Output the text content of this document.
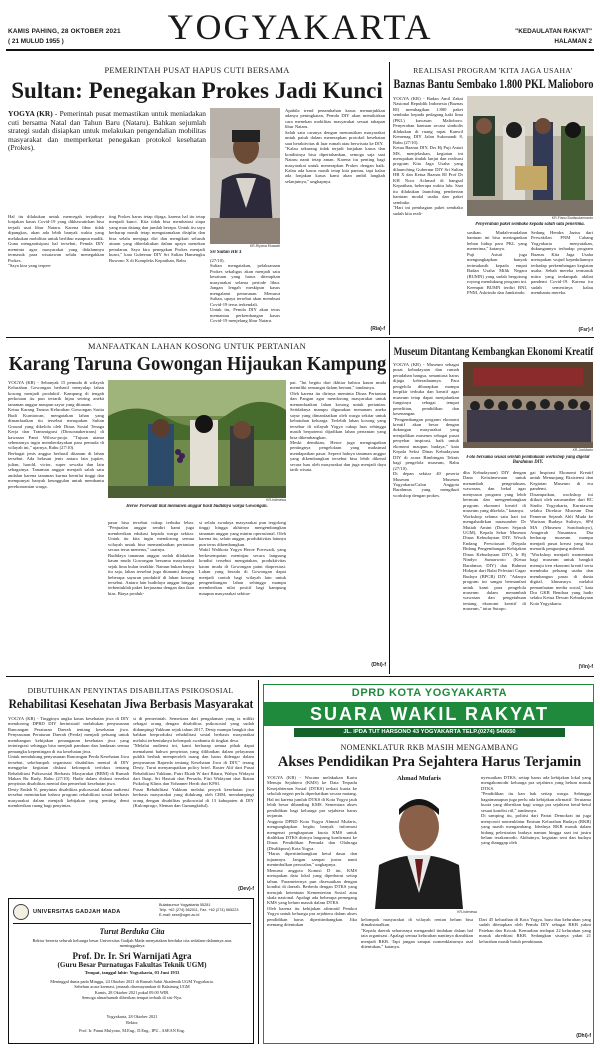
KAMIS PAHING, 28 OKTOBER 2021
( 21 MULUD 1955 )	YOGYAKARTA	"KEDAULATAN RAKYAT"
HALAMAN 2
PEMERINTAH PUSAT HAPUS CUTI BERSAMA
Sultan: Penegakan Prokes Jadi Kunci
YOGYA (KR) - Pemerintah pusat memastikan untuk meniadakan cuti bersama Natal dan Tahun Baru (Nataru). Bahkan sejumlah strategi sudah disiapkan untuk melakukan pengendalian mobilitas masyarakat dan memperketat penegakan protokol kesehatan (Prokes).
Hal itu dilakukan untuk mencegah terjadinya lonjakan kasus Covid-19 yang dikhawatirkan bisa terjadi usai libur Nataru. Karena libur tidak dipangkas, akan ada lebih banyak waktu yang melakukan mobilitas untuk berlibur maupun mudik. Guna mengantisipasi hal tersebut, Pemda DIY meminta agar masyarakat yang didalamnya termasuk para wisatawan selalu menegakkan Prokes.
"Saya kira yang terpen-
ting Prokes harus tetap dijaga, karena hal itu tetap menjadi kunci. Kita tidak bisa membatasi siapa yang mau datang dan jumlah berapa. Untuk itu saya berharap masih tetap mengutamakan disiplin dan bisa selalu menjaga diri dan mengikuti seluruh aturan yang diberlakukan dalam upaya menekan penularan. Saya kira penegakan Prokes menjadi kunci," kata Gubernur DIY Sri Sultan Hamengku Buwono X di Kompleks Kepatihan, Rabu
KR-Riyana Ekawati
Sri Sultan HB X
(27/10).
Sultan mengatakan, pelaksanaan Prokes sekaligus akan menjadi satu kesatuan yang harus diterapkan masyarakat selama periode libur. Jangan lengah meskipun kasus mengalami penurunan. Menurut Sultan, upaya tersebut akan membuat Covid-19 terus terkendali.
Untuk itu, Pemda DIY akan terus memantau perkembangan kasus Covid-19 menjelang libur Nataru.
Apabila trend penambahan kasus menunjukkan adanya peningkatan, Pemda DIY akan memikirkan cara menekan mobilitas masyarakat sesuai tahapan libur Nataru.
Salah satu caranya dengan memastikan masyarakat untuk patuh dalam menerapkan protokol kesehatan saat beraktivitas di luar rumah atau berwisata ke DIY.
"Kalau sekarang tidak terjadi lonjakan kasus dan kondisinya bisa dipertahankan, semoga saja saat Nataru nanti tetap aman. Karena itu penting bagi masyarakat untuk menerapkan Prokes dengan baik. Kalau ada kasus masih tetap kita pantau, tapi kalau ada lonjakan kasus kami akan ambil langkah selanjutnya," ungkapnya.
(Ria)-f
REALISASI PROGRAM 'KITA JAGA USAHA'
Baznas Bantu Sembako 1.800 PKL Malioboro
YOGYA (KR) - Badan Amil Zakat Nasional Republik Indonesia (Baznas RI) membagikan 1.800 paket sembako kepada pedagang kaki lima (PKL) kawasan Malioboro. Penyerahan bantuan secara simbolis dilakukan di ruang rapat Kanwil Kemenag DIY Jalan Sukonandi 8, Rabu (27/10).
Ketua Baznas DIY, Drs Hj Puji Astuti MS, menjelaskan, kegiatan ini merupakan tindak lanjut dan realisasi program Kita Jaga Usaha yang dilaunching Gubernur DIY Sri Sultan HB X dan Ketua Baznas RI Prof Dr KH Noor Achmad di bangsal Kepatihan, beberapa waktu lalu. Saat itu dilakukan launching pemberian bantuan modal usaha dan paket sembako.
"Hari ini pembagian paket sembako sudah kita reali-
KR-Fiano Budisudarmanto
Penyerahan paket sembako kepada salah satu penerima.
sasikan. Mudah-mudahan bantuan ini bisa meringankan beban hidup para PKL yang menerima," katanya.
Puji Astuti juga mengungkapkan banyak terimakasih kepada empat Badan Usaha Milik Negara (BUMN) yang sudah bergotong royong mendukung program ini. Keempat BUMN terdiri BNI, PNM, Askrindo dan Jamkrindo.
Sedang Hendra Jazius dari Perwakilan PNM Cabang Yogyakarta menyatakan, dukungannya terhadap program Baznas Kita Jaga Usaha merupakan wujud kepeduliannya terhadap perkembangan kegiatan usaha. Sebab mereka termasuk mitra yang terdampak akibat pandemi Covid-19. Karena itu sudah semestinya kalau membantu mereka.
(Fsr)-f
MANFAATKAN LAHAN KOSONG UNTUK PERTANIAN
Karang Taruna Gowongan Hijaukan Kampung
YOGYA (KR) - Sebanyak 15 pemuda di wilayah Kelurahan Gowongan berhasil menyulap lahan kosong menjadi produktif. Kampung di tengah perkotaan itu pun tertarik hijau seiring anekä tanaman anggur maupun sayur yang ditanam.
Ketua Karang Taruna Kelurahan Gowongan Sarita Budi Kurniawan, mengatakan lahan yang dimanfaatkan itu tersebut merupakan Sultan Ground yang dikelola oleh Dinas Sosial Tenaga Kerja dan Transmigrasi (Dinsosnakertrans) di kawasan Panti Wiloso-projo. "Tujuan utama sebenarnya ingin memberdayakan para pemuda di wilayah ini," ujarnya, Rabu (27/10).
Berbagai jenis anggur berhasil ditanam di lahan tersebut. Ada belasan jenis antara lain jupiter, julian, harold, victor, super sewaka dan lain sebagainya. Tanaman anggur menjadi salah satu andalan karena tanaman kurma bernilai tinggi dan mempunyai banyak keunggulan untuk membantu perekonomian warga.
KR-Istimewa
Heroe Poerwadi ikut memanen anggur hasil budidaya warga Gowongan.
pasar bisa tersebut cukup terbuka lebar. "Penjualan anggur sendiri kami juga memberikan edukasi kepada warga sekitar. Untuk itu kita ingin mendorong semua wilayah untuk bisa memanfaatkan pertanian secara terus menerus," urainya.
Budidaya tanaman anggur sudah dilakukan kaum muda Gowongan bersama masyarakat sejak lima bulan terakhir. Namun bukan hanya itu saja, lahan tersebut juga ditanami dengan beberapa sayuran produktif di lahan kosong tersebut. Antara lain budidaya anggur hingga terbentuklah paket kerjasama dengan dan ikan bias. Biaya produk-
si selalu swadaya masyarakat pun tergolong tinggi hingga akhirnya mengembangkan tanaman anggur yang minim operasional. Oleh karena itu, selain anggur, produktivitas lainnya pun terus dikembangkan.
Wakil Walikota Yogya Heroe Poerwadi, yang berkesempatan meninjau secara langsung kondisi tersebut mengatakan, produktivitas kaum muda di Gowongan patut diapresiasi. Lahan yang berada di Gowongan dapat menjadi contoh bagi wilayah lain untuk pengembangan lahan sehingga mampu memberikan nilai positif bagi kampung maupun masyarakat sekitar-
pat. "Ini begitu dari ikhtiar bahwa kaum muda memiliki semangat dalam bertani," tandasnya.
Oleh karena itu dirinya meminta Dinas Pertanian dan Pangan agar mendorong masyarakat untuk memanfaatkan lahan kosong untuk pertanian. Setidaknya mampu digunakan menanam aneka sayur yang dimanfaatkan oleh warga sekitar untuk kebutuhan keluarga. Terlebih lahan kosong yang tersebar di wilayah Yogya cukup luas sehingga masih berpotensi dijadikan lahan pertanian yang bisa dikembangkan.
Meski demikian, Heroe juga mengingatkan pentingnya pengelolaan yang maksimal mendapatkan pasar. Seperti halnya tanaman anggur yang dikembangkan tersebut bisa lebih dikenal secara luas oleh masyarakat dan juga menjadi daya tarik wisata.
(Dhi)-f
Museum Ditantang Kembangkan Ekonomi Kreatif
YOGYA (KR) - Museum sebagai pusat kebudayaan dan rumah peradaban bangsa, senantiasa harus dijaga keberadaannya. Para pengelola diharapkan mampu berpikir terbuka dan kreatif agar museum tetap dapat menjalankan fungsinya sebagai tempat penelitian, pendidikan dan kesenangan.
"Pengembangan program ekonomi kreatif akan besar dengan dukungan masyarakat yang menjadikan museum sebagai pusat penyebar inspirasi, baik untuk ekonomi maupun budaya," kata Kepala Seksi Dinas Kebudayaan DIY di acara Bimbingan Teknis bagi pengelola museum, Rabu (27/10).
Di depan sekitar 40 peserta Museum Museum Yogyakarta/Calon Anggota Barahmus yang mengikuti workshop dengan prokes.
KR-Jonkfarto
Foto bersama seusai setelah pembukaan workshop yang digelar Barahmus DIY.
dha Kebudayaan) DIY dengan Dana Keistimewaan untuk menambah pengetahuan, wawasan, dan bekal agar menyusun program yang lebih bermutu dan mengembangkan program ekonomi kreatif di museum yang dikelola," katanya.
Workshop selama satu hari ini mengahadirkan narasumber Dr Mutiah Amini (Dosen Sejarah UGM), Kepala Sekar Museum Dinas Kebudayaan DIY, Wiwik Endang Perwitasari (Kepala Bidang Pengembangan Kebijakan Dinas Kebudayaan DIY), Ir Hj Nindyo Sumarwoto (Ketua Barahmus DIY) dan Rahmat Hidayat dari Balai Pelestari Cagar Budaya (BPCB) DIY. "Adanya program ini sangat bermanfaat untuk kami para pengelola museum dalam menambah wawasan dan pengetahuan tentang ekonomi kreatif di museum," tutur Sutopo.
gai Inspirasi Ekonomi Kreatif untuk Menunjang Eksistensi dan Kegiatan Museum di era pandemi.
Disampaikan, workshop ini diikuti oleh narasumber dari RC Studio Yogyakarta, Kurniawan selaku Direktur Museum Dan Pameran Sejarah Ahli Muda ke Warisan Budaya Sulistyo, SPd MA (Museum Sonobudoyo), Anugerah Nusantara. Dia berharap museum mampu menjadi pusat kreasi yang bisa menarik pengunjung milenial.
"Workshop menjadi momentum bagi museum untuk bangkit menuju tren ekonomi kreatif serta membuka peluang usaha dan membangun pasar di dunia digital, khususnya melalui pemanfaatan media sosial," kata Dra GKR Bendara yang hadir selaku Ketua Dewan Kebudayaan Kota Yogyakarta.
(Vin)-f
DIBUTUHKAN PENYINTAS DISABILITAS PSIKOSOSIAL
Rehabilitasi Kesehatan Jiwa Berbasis Masyarakat
YOGYA (KR) - Tingginya angka kasus kesehatan jiwa di DIY mendorong DPRD DIY berinisiatif melakukan penyusunan Rancangan Peraturan Daerah tentang kesehatan jiwa. Penyusunan Peraturan Daerah (Perda) menjadi peluang untuk membangun kebijakan penanganan kesehatan jiwa yang terintegrasi sehingga bisa menjadi panduan dan landasan semua pemangku kepentingan di isu kesehatan jiwa.
Untuk mendukung penyusunan Rancangan Perda Kesehatan Jiwa tersebut, sekelompok organisasi disabilitas mental di DIY menggelar kegiatan diskusi kelompok terfokus tentang Rehabilitasi Psikososial Berbasis Masyarakat (RBM) di Rumah Makan Bu Rudy, Rabu (27/10). Hadir dalam diskusi tersebut penyintas disabilitas mental dan pemerhati kesehatan jiwa.
Desty Endah N, penyintas disabilitas psikososial dalam audiensi tersebut menuturkan bahwa program rehabilitasi sosial berbasis masyarakat dalam menjadi kebijakan yang penting demi memberikan ruang bagi penyintas.
si di pemerintah. Semestara dari pengalaman yang ia miliki sebagai orang dengan disabilitas psikososial yang sudah didampingi Yakkum sejak tahun 2017, Desty mampu bangkit dan bahkan berproduksi rehabilitasi sosial berbasis masyarakat melalui terbentuknya kelompok swabantu di tingkat desa.
"Melalui audiensi ini, kami berharap semua pihak dapat memahami bahwa penyintas yang dilibatkan dalam pelayanan publik berhak memperoleh ruang dan harus didengar dalam penyusunan Raperda tentang Kesehatan Jiwa di DIY," terang Desty. Turut menyampaikan policy brief, Rasier Alif dari Pusat Rehabilitasi Yakkum, Putri Ekiah W dari Bitaru, Wahyu Widayat dari Ibaqi, Sri Hastuti dari Persada, Fitri Widayani dari Ikatan Psikolog Klinis dan Yohanner Herdi dari KPSI.
Pusat Rehabilitasi Yakkum melalui proyek kesehatan jiwa berbasis masyarakat yang didukung oleh CBM, mendampingi orang dengan disabilitas psikososial di 13 kabupaten di DIY (Kulonprogo, Sleman dan Gunungkidul).
(Dev)-f
UNIVERSITAS GADJAH MADA
Bulaksumur Yogyakarta 55281
Telp. +62 (274) 562011, Fax. +62 (274) 565223
E-mail: sesr@ugm.ac.id
Turut Berduka Cita
Rektor beserta seluruh keluarga besar Universitas Gadjah Mada menyatakan berduka cita sedalam-dalamnya atas meninggalnya
Prof. Dr. Ir. Sri Warnijati Agra
(Guru Besar Purnatugas Fakultas Teknik UGM)
Tempat, tanggal lahir: Yogyakarta, 03 Juni 1933
Meninggal dunia pada Minggu, 24 Oktober 2021 di Rumah Sakit Akademik UGM Yogyakarta.
Sebelum acara kremasi, jenazah disemayamkan di Balairung UGM
Kamis, 28 Oktober 2021 pukul 09.00 WIB.
Semoga almarhumah diberikan tempat terbaik di sisi-Nya.
Yogyakarta, 28 Oktober 2021
Rektor
Prof. Ir. Panut Mulyono, M.Eng., D.Eng., IPU., ASEAN Eng.
DPRD KOTA YOGYAKARTA
SUARA WAKIL RAKYAT
JL. IPDA TUT HARSONO 43 YOGYAKARTA TELP.(0274) 540650
NOMENKLATUR RKB MASIH MENGAMBANG
Akses Pendidikan Pra Sejahtera Harus Terjamin
YOGYA (KR) - Wacana melakukan Kartu Menuju Sejahtera (KMS) ke Data Terpadu Kesejahteraan Sosial (DTKS) terkait kuota ke sekolah negeri perlu diperhatikan secara matang. Hal ini karena jumlah DTKS di Kota Yogya jauh lebih besar dibanding KMS. Sementara akses pendidikan bagi keluarga pra sejahtera harus terjamin.
Anggota DPRD Kota Yogya Ahmad Mufaris, mengungkapkan begitu banyak informasi mengenai penghapusan kuota KMS untuk dialihkan DTKS dirinya langsung konfirmasi ke Dinas Pendidikan Pemuda dan Olahraga (Disdikpora) Kota Yogya.
"Harus diperitimbangkan betul dasar dan tujuannya. Jangan sampai justru nanti menimbulkan persoalan," ungkapnya.
Menurut anggota Komisi D ini, KMS merupakan data lokal yang diperbarui setiap tahun. Parameternya pun disesuaikan dengan kondisi di daerah. Berbeda dengan DTKS yang merujuk ketentuan Kementerian Sosial atau skala nasional. Apalagi ada beberapa pemegang KMS yang belum masuk dalam DTKS.
Oleh karena itu kebijakan afirmatif Pemkot Yogya untuk keluarga pra sejahtera dalam akses pendidikan harus diperitimbangkan. Jika memang ditentukan
Ahmad Mufaris
KR-Istimewa
nyesuaikan DTKS, setiap harus ada kebijakan lokal yang mengakomodir keluarga pra sejahtera yang belum masuk DTKS.
"Pendidikan itu kan hak setiap warga. Sehingga bagaimanapun juga perlu ada kebijakan afirmatif. Terutama kuota yang diberikan bagi warga pra sejahtera betul-betul sesuai kondisi riil," tandasnya.
Di samping itu, politisi dari Partai Demokrat ini juga menyoroti nomenklatur Emisan Kelurahan Budaya (RKB) yang masih mengambang. Idealnya RKB masuk dalam bidang pelestarian budaya namun hingga saat ini justru belum terakomodir. Akibatnya, kegiatan seni dan budaya yang dianggap oleh
kelompok masyarakat di wilayah rentan belum bisa dimaksimalkan.
"Kepala daerah seharusnya mengambil tindakan dalam hal tata organisasi. Apalagi semua kelurahan nantinya diarahkan menjadi RKB. Tapi jangan sampai nomenklaturnya asal ditentukan," katanya.
Dari 45 kelurahan di Kota Yogya, baru dua kelurahan yang sudah ditetapkan oleh Pemda DIY sebagai RKB yakni Patehan dan Kricak. Kemudian terdapat 22 kelurahan yang masuk akreditasi RKB. Sedangkan sisanya yakni 21 kelurahan masih butuh pembinaan.
(Dhi)-f
